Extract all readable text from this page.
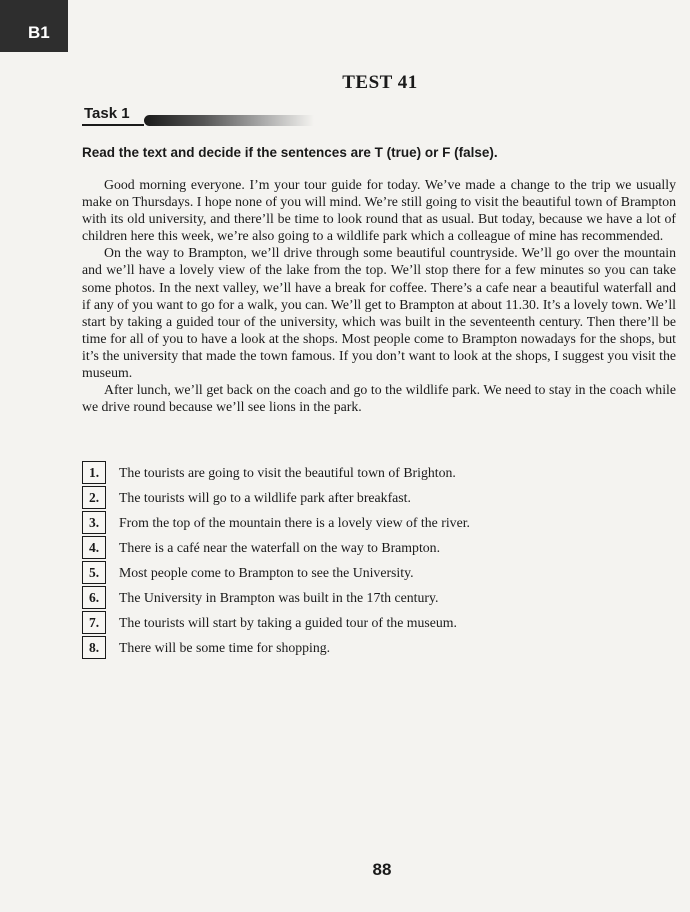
B1
TEST 41
Task 1
Read the text and decide if the sentences are T (true) or F (false).

Good morning everyone. I’m your tour guide for today. We’ve made a change to the trip we usually make on Thursdays. I hope none of you will mind. We’re still going to visit the beautiful town of Brampton with its old university, and there’ll be time to look round that as usual. But today, because we have a lot of children here this week, we’re also going to a wildlife park which a colleague of mine has recommended.

On the way to Brampton, we’ll drive through some beautiful countryside. We’ll go over the mountain and we’ll have a lovely view of the lake from the top. We’ll stop there for a few minutes so you can take some photos. In the next valley, we’ll have a break for coffee. There’s a cafe near a beautiful waterfall and if any of you want to go for a walk, you can. We’ll get to Brampton at about 11.30. It’s a lovely town. We’ll start by taking a guided tour of the university, which was built in the seventeenth century. Then there’ll be time for all of you to have a look at the shops. Most people come to Brampton nowadays for the shops, but it’s the university that made the town famous. If you don’t want to look at the shops, I suggest you visit the museum.

After lunch, we’ll get back on the coach and go to the wildlife park. We need to stay in the coach while we drive round because we’ll see lions in the park.

1.	The tourists are going to visit the beautiful town of Brighton.
2.	The tourists will go to a wildlife park after breakfast.
3.	From the top of the mountain there is a lovely view of the river.
4.	There is a café near the waterfall on the way to Brampton.
5.	Most people come to Brampton to see the University.
6.	The University in Brampton was built in the 17th century.
7.	The tourists will start by taking a guided tour of the museum.
8.	There will be some time for shopping.
88
